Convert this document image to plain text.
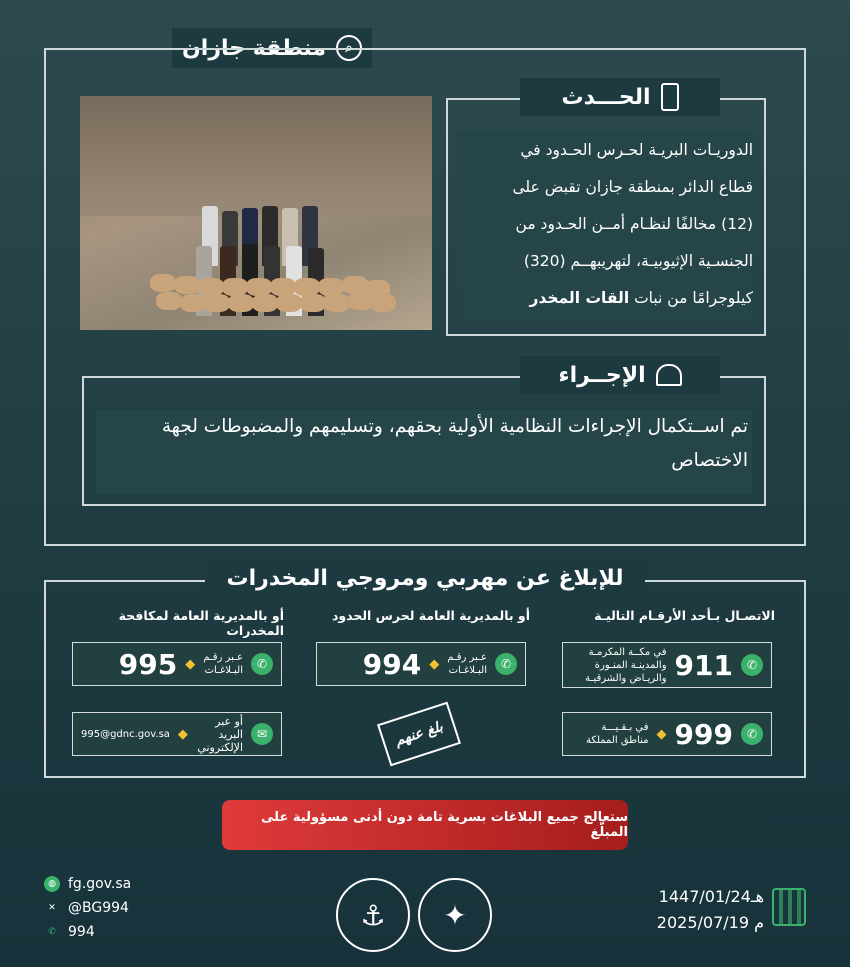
⌕
منطقة جازان
الحـــدث
الدوريـات البريـة لحـرس الحـدود في
قطاع الدائر بمنطقة جازان تقبض على
(12) مخالفًا لنظـام أمــن الحـدود من
الجنسـية الإثيوبيـة، لتهريبهــم (320)
كيلوجرامًا من نبات القات المخدر
الإجــراء
تم اســتكمال الإجراءات النظامية الأولية بحقهم، وتسليمهم والمضبوطات لجهة الاختصاص
للإبلاغ عن مهربي ومروجي المخدرات
الاتصـال بـأحد الأرقـام التاليـة
أو بالمديرية العامة لحرس الحدود
أو بالمديرية العامة لمكافحة المخدرات
✆
911
في مكــة المكرمـة
والمدينـة المنـورة
والريـاض والشرقيـة
✆
999
◆
في بـقـيـــة
مناطق المملكة
✆
عـبر رقـم
البـلاغـات
◆
994
بلغ عنهم
✆
عـبر رقـم
البـلاغـات
◆
995
✉
أو عبر البريد
الإلكتروني
◆
995@gdnc.gov.sa
ستعالج جميع البلاغات بسرية تامة دون أدنى مسؤولية على المبلّغ
◍ fg.gov.sa
✕ @BG994
✆ 994
⚓	✦
1447/01/24هـ
2025/07/19 م
